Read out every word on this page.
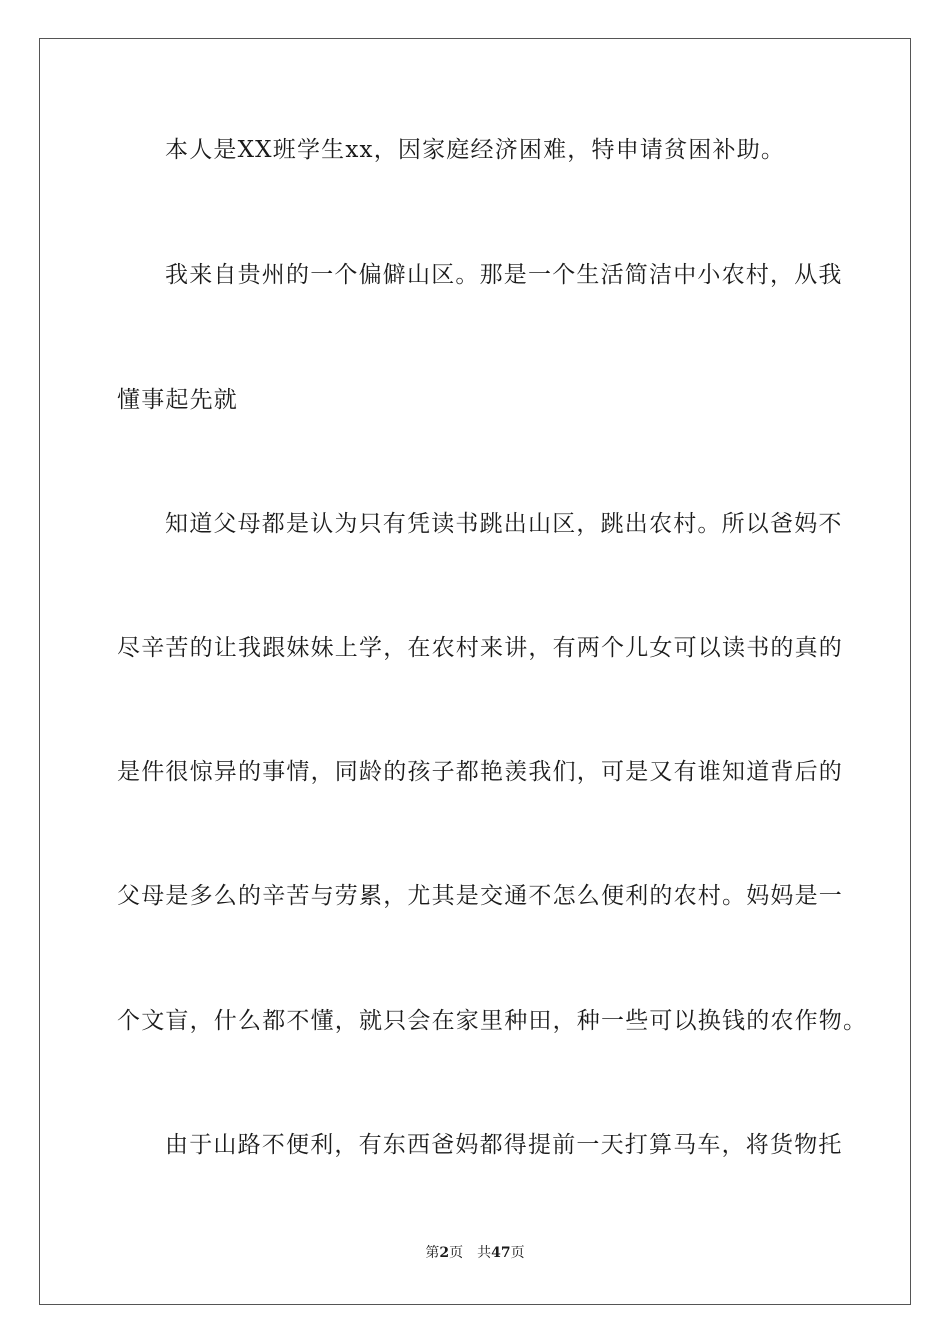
本人是XX班学生xx，因家庭经济困难，特申请贫困补助。
我来自贵州的一个偏僻山区。那是一个生活简洁中小农村，从我
懂事起先就
知道父母都是认为只有凭读书跳出山区，跳出农村。所以爸妈不
尽辛苦的让我跟妹妹上学，在农村来讲，有两个儿女可以读书的真的
是件很惊异的事情，同龄的孩子都艳羡我们，可是又有谁知道背后的
父母是多么的辛苦与劳累，尤其是交通不怎么便利的农村。妈妈是一
个文盲，什么都不懂，就只会在家里种田，种一些可以换钱的农作物。
由于山路不便利，有东西爸妈都得提前一天打算马车，将货物托
第2页 共47页
